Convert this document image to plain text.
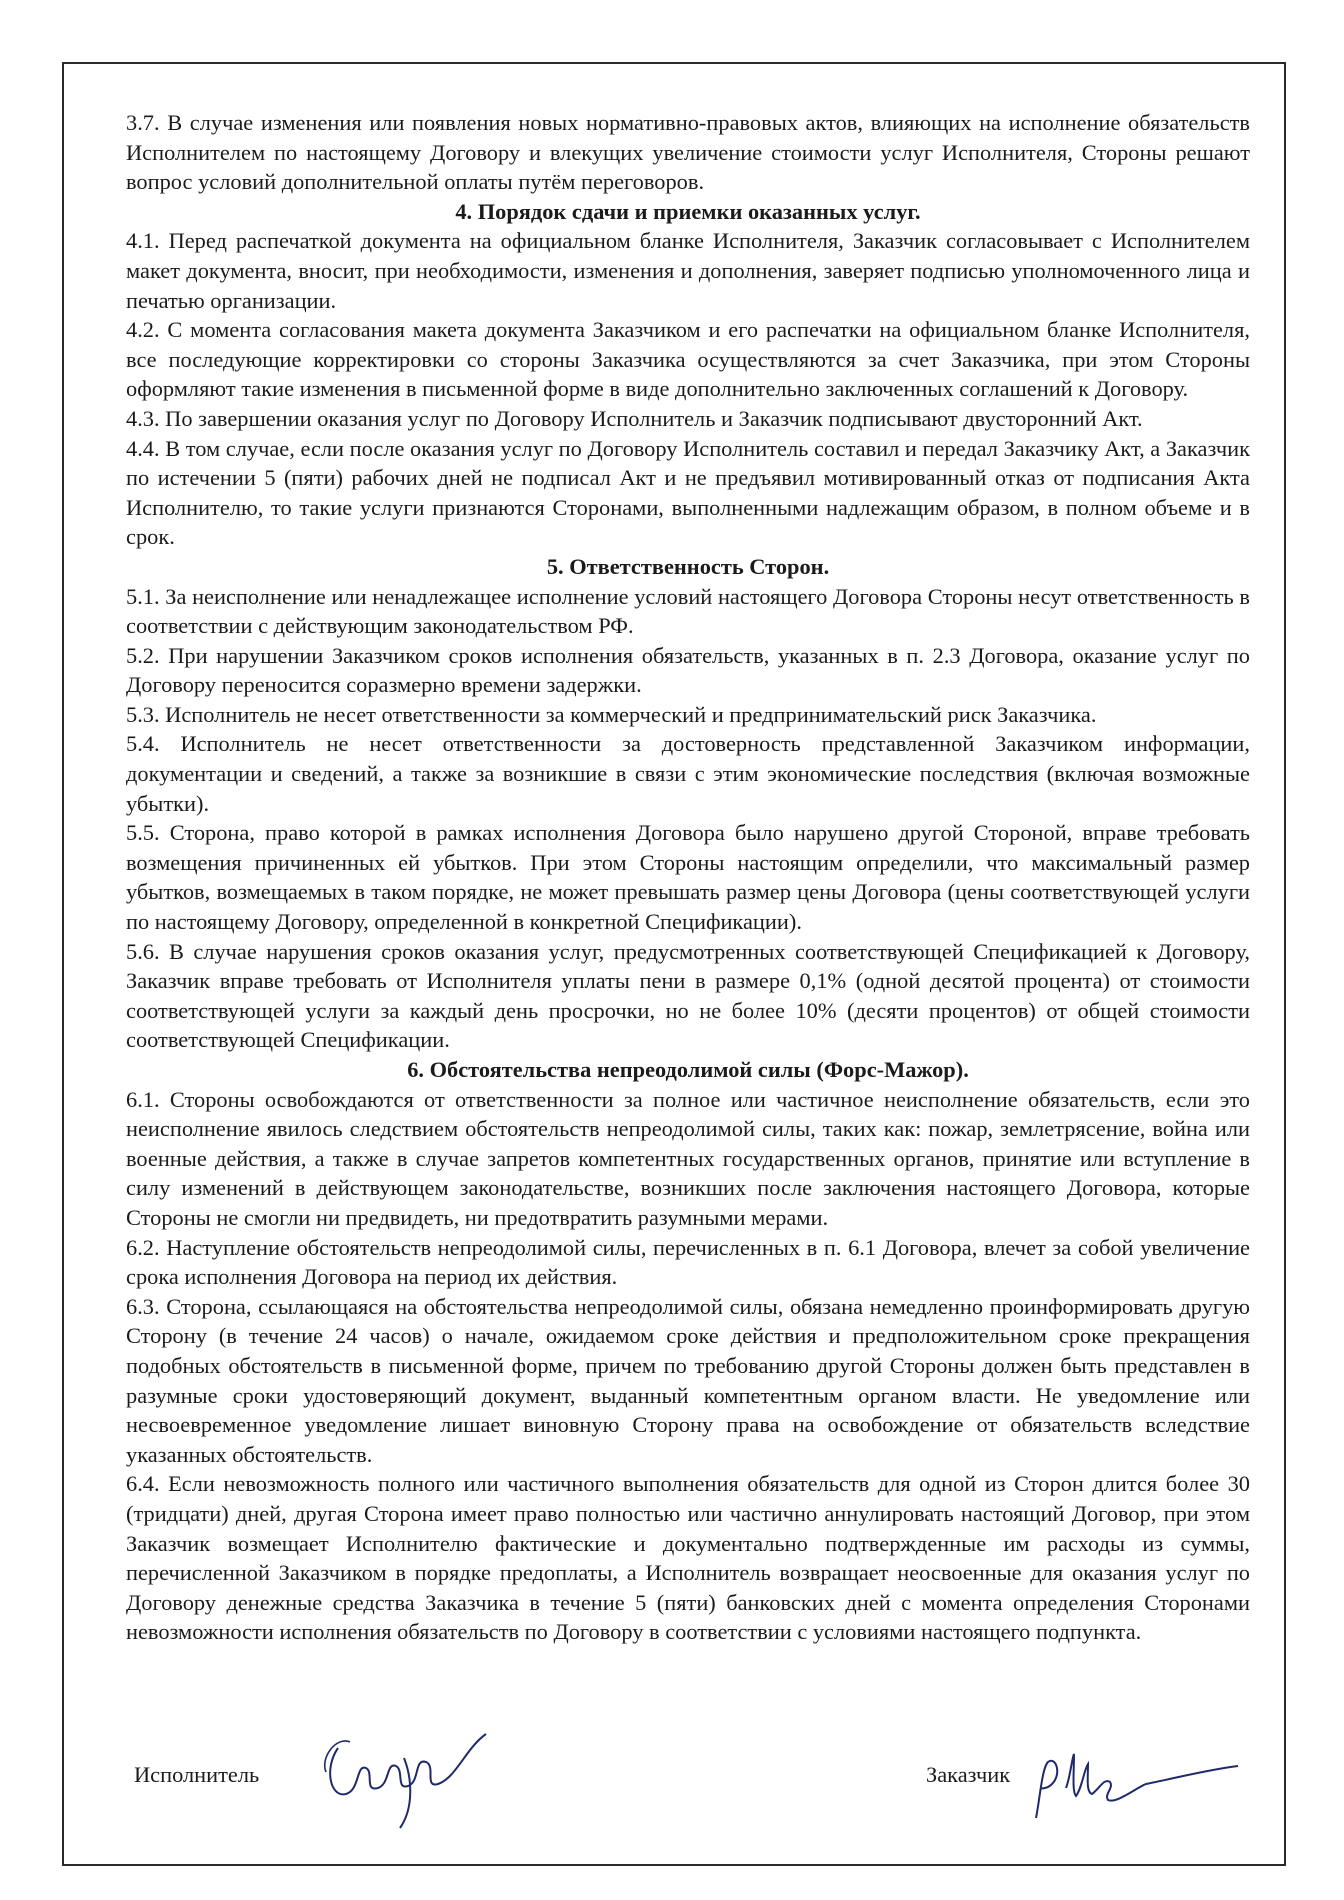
3.7. В случае изменения или появления новых нормативно-правовых актов, влияющих на исполнение обязательств Исполнителем по настоящему Договору и влекущих увеличение стоимости услуг Исполнителя, Стороны решают вопрос условий дополнительной оплаты путём переговоров.
4. Порядок сдачи и приемки оказанных услуг.
4.1. Перед распечаткой документа на официальном бланке Исполнителя, Заказчик согласовывает с Исполнителем макет документа, вносит, при необходимости, изменения и дополнения, заверяет подписью уполномоченного лица и печатью организации.
4.2. С момента согласования макета документа Заказчиком и его распечатки на официальном бланке Исполнителя, все последующие корректировки со стороны Заказчика осуществляются за счет Заказчика, при этом Стороны оформляют такие изменения в письменной форме в виде дополнительно заключенных соглашений к Договору.
4.3. По завершении оказания услуг по Договору Исполнитель и Заказчик подписывают двусторонний Акт.
4.4. В том случае, если после оказания услуг по Договору Исполнитель составил и передал Заказчику Акт, а Заказчик по истечении 5 (пяти) рабочих дней не подписал Акт и не предъявил мотивированный отказ от подписания Акта Исполнителю, то такие услуги признаются Сторонами, выполненными надлежащим образом, в полном объеме и в срок.
5. Ответственность Сторон.
5.1. За неисполнение или ненадлежащее исполнение условий настоящего Договора Стороны несут ответственность в соответствии с действующим законодательством РФ.
5.2. При нарушении Заказчиком сроков исполнения обязательств, указанных в п. 2.3 Договора, оказание услуг по Договору переносится соразмерно времени задержки.
5.3. Исполнитель не несет ответственности за коммерческий и предпринимательский риск Заказчика.
5.4. Исполнитель не несет ответственности за достоверность представленной Заказчиком информации, документации и сведений, а также за возникшие в связи с этим экономические последствия (включая возможные убытки).
5.5. Сторона, право которой в рамках исполнения Договора было нарушено другой Стороной, вправе требовать возмещения причиненных ей убытков. При этом Стороны настоящим определили, что максимальный размер убытков, возмещаемых в таком порядке, не может превышать размер цены Договора (цены соответствующей услуги по настоящему Договору, определенной в конкретной Спецификации).
5.6. В случае нарушения сроков оказания услуг, предусмотренных соответствующей Спецификацией к Договору, Заказчик вправе требовать от Исполнителя уплаты пени в размере 0,1% (одной десятой процента) от стоимости соответствующей услуги за каждый день просрочки, но не более 10% (десяти процентов) от общей стоимости соответствующей Спецификации.
6. Обстоятельства непреодолимой силы (Форс-Мажор).
6.1. Стороны освобождаются от ответственности за полное или частичное неисполнение обязательств, если это неисполнение явилось следствием обстоятельств непреодолимой силы, таких как: пожар, землетрясение, война или военные действия, а также в случае запретов компетентных государственных органов, принятие или вступление в силу изменений в действующем законодательстве, возникших после заключения настоящего Договора, которые Стороны не смогли ни предвидеть, ни предотвратить разумными мерами.
6.2. Наступление обстоятельств непреодолимой силы, перечисленных в п. 6.1 Договора, влечет за собой увеличение срока исполнения Договора на период их действия.
6.3. Сторона, ссылающаяся на обстоятельства непреодолимой силы, обязана немедленно проинформировать другую Сторону (в течение 24 часов) о начале, ожидаемом сроке действия и предположительном сроке прекращения подобных обстоятельств в письменной форме, причем по требованию другой Стороны должен быть представлен в разумные сроки удостоверяющий документ, выданный компетентным органом власти. Не уведомление или несвоевременное уведомление лишает виновную Сторону права на освобождение от обязательств вследствие указанных обстоятельств.
6.4. Если невозможность полного или частичного выполнения обязательств для одной из Сторон длится более 30 (тридцати) дней, другая Сторона имеет право полностью или частично аннулировать настоящий Договор, при этом Заказчик возмещает Исполнителю фактические и документально подтвержденные им расходы из суммы, перечисленной Заказчиком в порядке предоплаты, а Исполнитель возвращает неосвоенные для оказания услуг по Договору денежные средства Заказчика в течение 5 (пяти) банковских дней с момента определения Сторонами невозможности исполнения обязательств по Договору в соответствии с условиями настоящего подпункта.
Исполнитель	Заказчик
